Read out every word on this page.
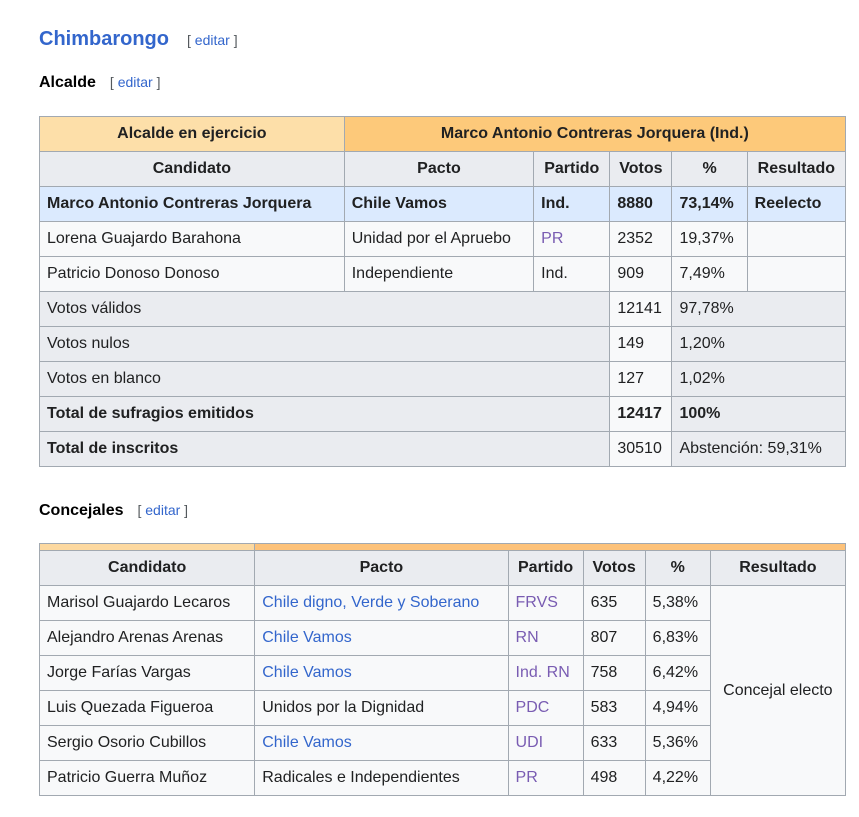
Chimbarongo [ editar ]
Alcalde [ editar ]
Alcalde en ejercicio	Marco Antonio Contreras Jorquera (Ind.)				
Candidato	Pacto	Partido	Votos	%	Resultado
Marco Antonio Contreras Jorquera	Chile Vamos	Ind.	8880	73,14%	Reelecto
Lorena Guajardo Barahona	Unidad por el Apruebo	PR	2352	19,37%	
Patricio Donoso Donoso	Independiente	Ind.	909	7,49%	
Votos válidos			12141	97,78%	
Votos nulos			149	1,20%	
Votos en blanco			127	1,02%	
Total de sufragios emitidos			12417	100%	
Total de inscritos			30510	Abstención: 59,31%	
Concejales [ editar ]

Candidato	Pacto	Partido	Votos	%	Resultado
Marisol Guajardo Lecaros	Chile digno, Verde y Soberano	FRVS	635	5,38%	Concejal electo
Alejandro Arenas Arenas	Chile Vamos	RN	807	6,83%	
Jorge Farías Vargas	Chile Vamos	Ind. RN	758	6,42%	
Luis Quezada Figueroa	Unidos por la Dignidad	PDC	583	4,94%	
Sergio Osorio Cubillos	Chile Vamos	UDI	633	5,36%	
Patricio Guerra Muñoz	Radicales e Independientes	PR	498	4,22%	
